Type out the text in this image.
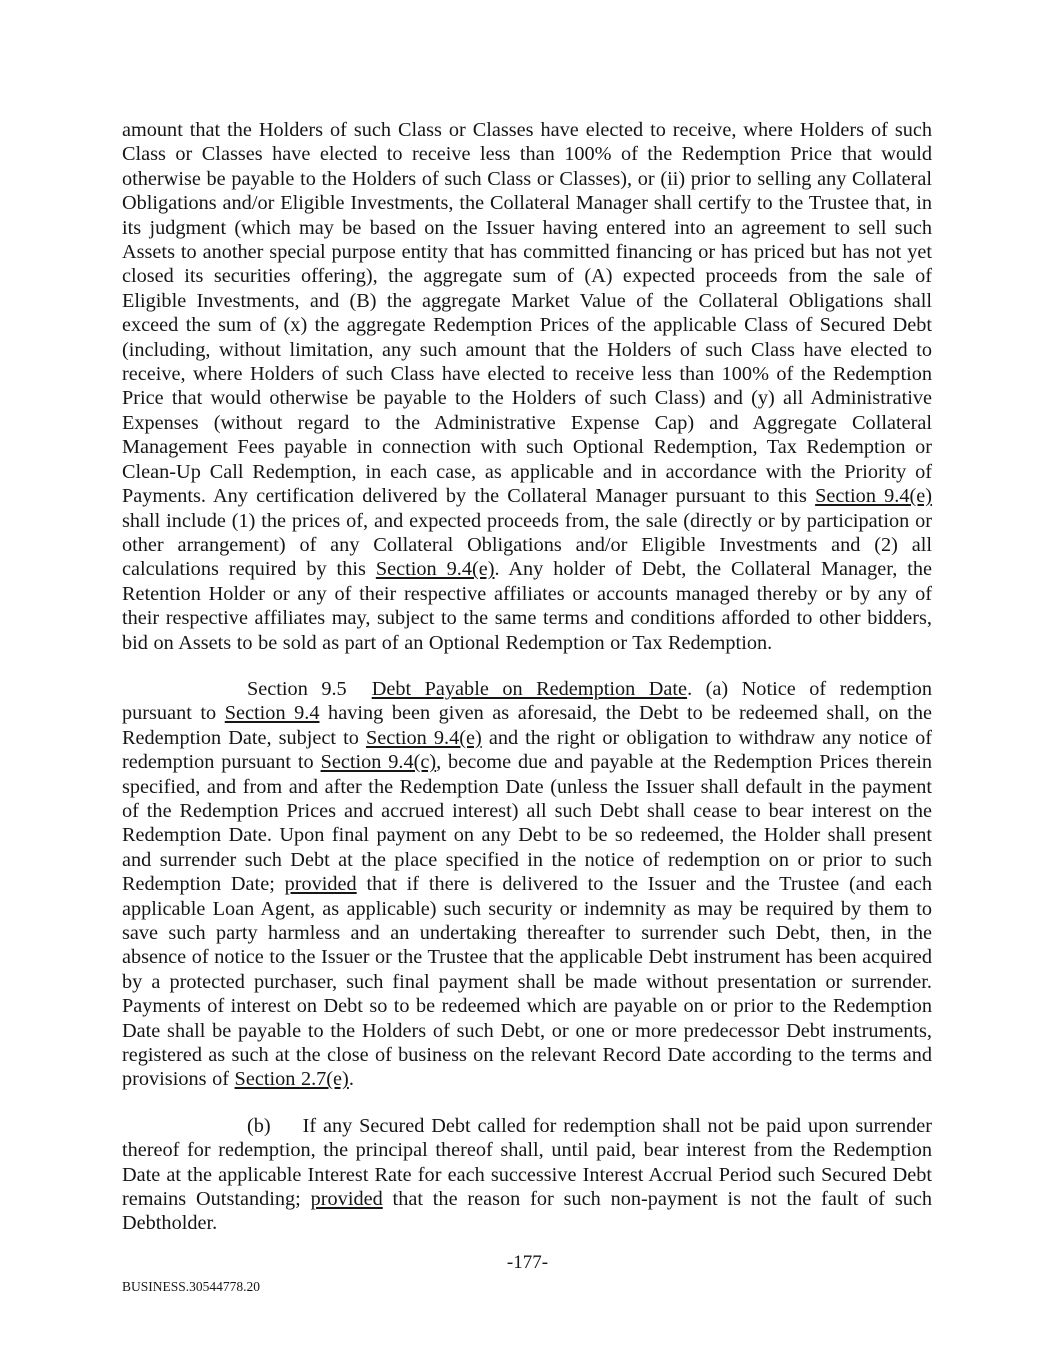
amount that the Holders of such Class or Classes have elected to receive, where Holders of such Class or Classes have elected to receive less than 100% of the Redemption Price that would otherwise be payable to the Holders of such Class or Classes), or (ii) prior to selling any Collateral Obligations and/or Eligible Investments, the Collateral Manager shall certify to the Trustee that, in its judgment (which may be based on the Issuer having entered into an agreement to sell such Assets to another special purpose entity that has committed financing or has priced but has not yet closed its securities offering), the aggregate sum of (A) expected proceeds from the sale of Eligible Investments, and (B) the aggregate Market Value of the Collateral Obligations shall exceed the sum of (x) the aggregate Redemption Prices of the applicable Class of Secured Debt (including, without limitation, any such amount that the Holders of such Class have elected to receive, where Holders of such Class have elected to receive less than 100% of the Redemption Price that would otherwise be payable to the Holders of such Class) and (y) all Administrative Expenses (without regard to the Administrative Expense Cap) and Aggregate Collateral Management Fees payable in connection with such Optional Redemption, Tax Redemption or Clean-Up Call Redemption, in each case, as applicable and in accordance with the Priority of Payments. Any certification delivered by the Collateral Manager pursuant to this Section 9.4(e) shall include (1) the prices of, and expected proceeds from, the sale (directly or by participation or other arrangement) of any Collateral Obligations and/or Eligible Investments and (2) all calculations required by this Section 9.4(e). Any holder of Debt, the Collateral Manager, the Retention Holder or any of their respective affiliates or accounts managed thereby or by any of their respective affiliates may, subject to the same terms and conditions afforded to other bidders, bid on Assets to be sold as part of an Optional Redemption or Tax Redemption.

Section 9.5 Debt Payable on Redemption Date. (a) Notice of redemption pursuant to Section 9.4 having been given as aforesaid, the Debt to be redeemed shall, on the Redemption Date, subject to Section 9.4(e) and the right or obligation to withdraw any notice of redemption pursuant to Section 9.4(c), become due and payable at the Redemption Prices therein specified, and from and after the Redemption Date (unless the Issuer shall default in the payment of the Redemption Prices and accrued interest) all such Debt shall cease to bear interest on the Redemption Date. Upon final payment on any Debt to be so redeemed, the Holder shall present and surrender such Debt at the place specified in the notice of redemption on or prior to such Redemption Date; provided that if there is delivered to the Issuer and the Trustee (and each applicable Loan Agent, as applicable) such security or indemnity as may be required by them to save such party harmless and an undertaking thereafter to surrender such Debt, then, in the absence of notice to the Issuer or the Trustee that the applicable Debt instrument has been acquired by a protected purchaser, such final payment shall be made without presentation or surrender. Payments of interest on Debt so to be redeemed which are payable on or prior to the Redemption Date shall be payable to the Holders of such Debt, or one or more predecessor Debt instruments, registered as such at the close of business on the relevant Record Date according to the terms and provisions of Section 2.7(e).

(b) If any Secured Debt called for redemption shall not be paid upon surrender thereof for redemption, the principal thereof shall, until paid, bear interest from the Redemption Date at the applicable Interest Rate for each successive Interest Accrual Period such Secured Debt remains Outstanding; provided that the reason for such non-payment is not the fault of such Debtholder.

-177-
BUSINESS.30544778.20
